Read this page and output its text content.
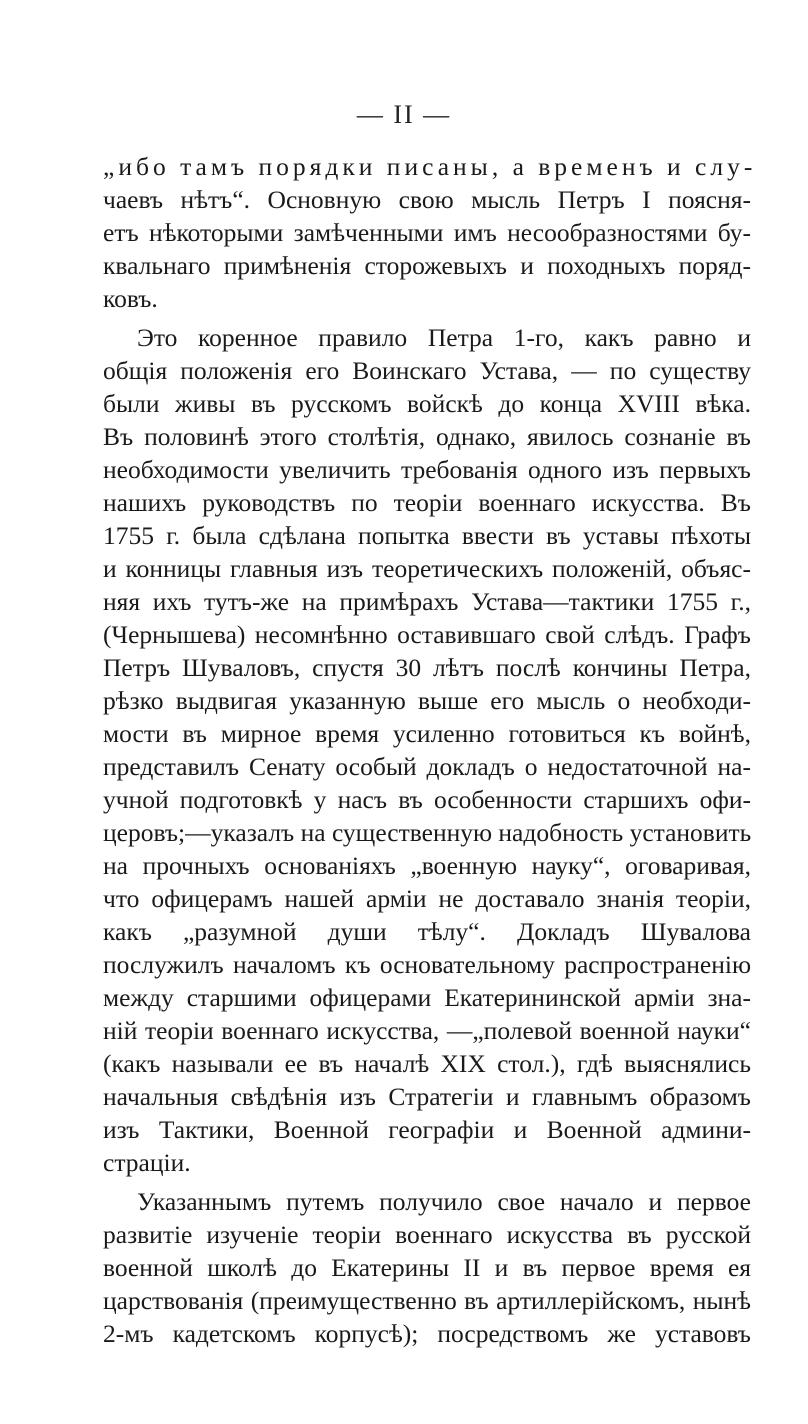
— II —
„ибо тамъ порядки писаны, а временъ и слу-
чаевъ нѣтъ“. Основную свою мысль Петръ I поясня-
етъ нѣкоторыми замѣченными имъ несообразностями бу-
квальнаго примѣненія сторожевыхъ и походныхъ поряд-
ковъ.
Это коренное правило Петра 1-го, какъ равно и
общія положенія его Воинскаго Устава, — по существу
были живы въ русскомъ войскѣ до конца XVIII вѣка.
Въ половинѣ этого столѣтія, однако, явилось сознаніе въ
необходимости увеличить требованія одного изъ первыхъ
нашихъ руководствъ по теоріи военнаго искусства. Въ
1755 г. была сдѣлана попытка ввести въ уставы пѣхоты
и конницы главныя изъ теоретическихъ положеній, объяс-
няя ихъ тутъ-же на примѣрахъ Устава—тактики 1755 г.,
(Чернышева) несомнѣнно оставившаго свой слѣдъ. Графъ
Петръ Шуваловъ, спустя 30 лѣтъ послѣ кончины Петра,
рѣзко выдвигая указанную выше его мысль о необходи-
мости въ мирное время усиленно готовиться къ войнѣ,
представилъ Сенату особый докладъ о недостаточной на-
учной подготовкѣ у насъ въ особенности старшихъ офи-
церовъ;—указалъ на существенную надобность установить
на прочныхъ основаніяхъ „военную науку“, оговаривая,
что офицерамъ нашей арміи не доставало знанія теоріи,
какъ „разумной души тѣлу“. Докладъ Шувалова
послужилъ началомъ къ основательному распространенію
между старшими офицерами Екатерининской арміи зна-
ній теоріи военнаго искусства, —„полевой военной науки“
(какъ называли ее въ началѣ XIX стол.), гдѣ выяснялись
начальныя свѣдѣнія изъ Стратегіи и главнымъ образомъ
изъ Тактики, Военной географіи и Военной админи-
страціи.
Указаннымъ путемъ получило свое начало и первое
развитіе изученіе теоріи военнаго искусства въ русской
военной школѣ до Екатерины II и въ первое время ея
царствованія (преимущественно въ артиллерійскомъ, нынѣ
2-мъ кадетскомъ корпусѣ); посредствомъ же уставовъ
